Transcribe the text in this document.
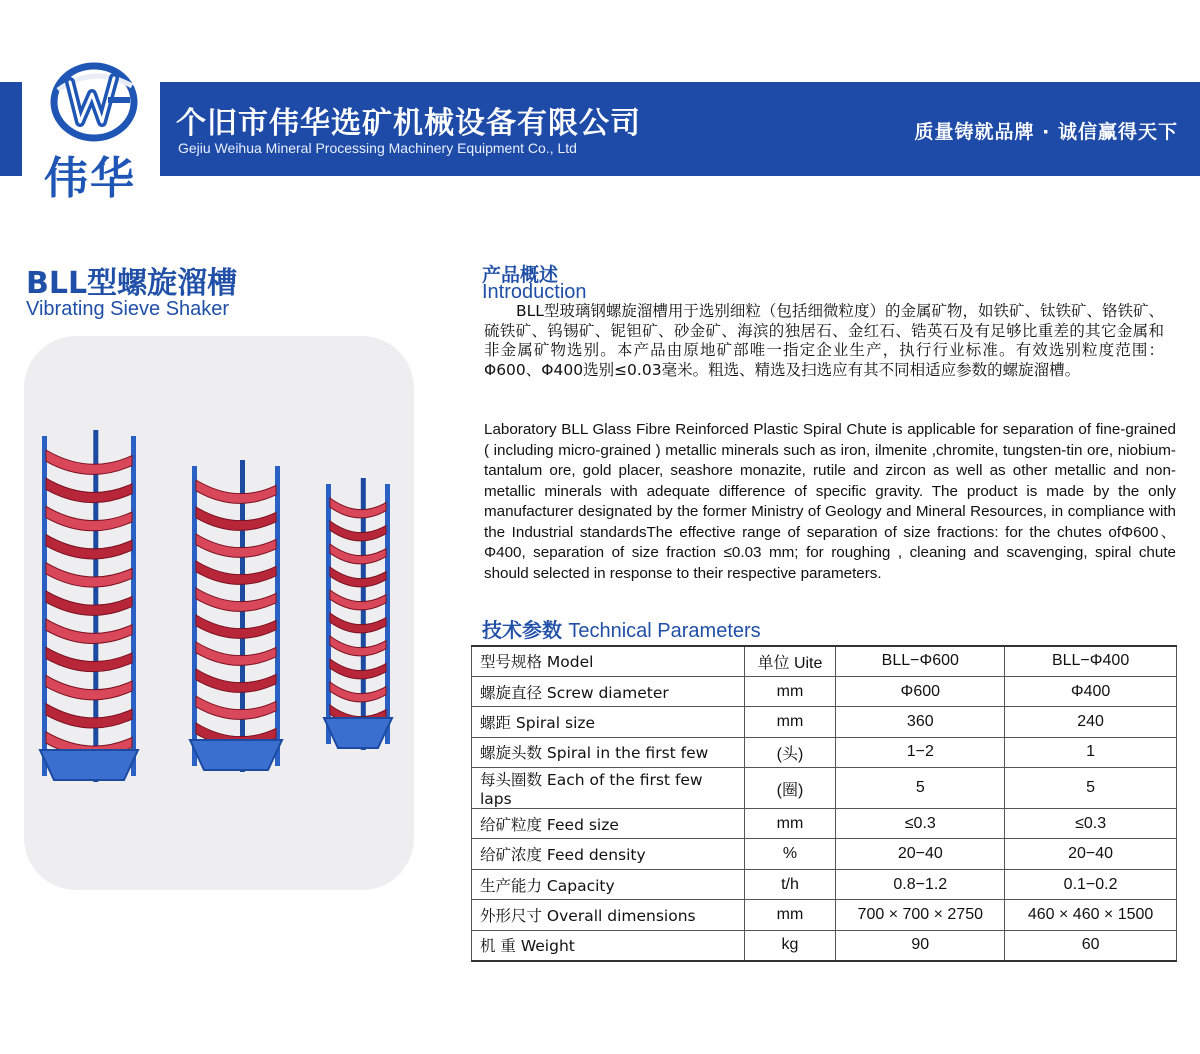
伟华
个旧市伟华选矿机械设备有限公司
Gejiu Weihua Mineral Processing Machinery Equipment Co., Ltd
质量铸就品牌 · 诚信赢得天下
BLL型螺旋溜槽
Vibrating Sieve Shaker
产品概述
Introduction
BLL型玻璃钢螺旋溜槽用于选别细粒（包括细微粒度）的金属矿物，如铁矿、钛铁矿、铬铁矿、硫铁矿、钨锡矿、铌钽矿、砂金矿、海滨的独居石、金红石、锆英石及有足够比重差的其它金属和非金属矿物选别。本产品由原地矿部唯一指定企业生产，执行行业标准。有效选别粒度范围：Φ600、Φ400选别≤0.03毫米。粗选、精选及扫选应有其不同相适应参数的螺旋溜槽。
Laboratory BLL Glass Fibre Reinforced Plastic Spiral Chute is applicable for separation of fine-grained ( including micro-grained ) metallic minerals such as iron, ilmenite ,chromite, tungsten-tin ore, niobium-tantalum ore, gold placer, seashore monazite, rutile and zircon as well as other metallic and non-metallic minerals with adequate difference of specific gravity. The product is made by the only manufacturer designated by the former Ministry of Geology and Mineral Resources, in compliance with the Industrial standardsThe effective range of separation of size fractions: for the chutes ofΦ600、Φ400, separation of size fraction ≤0.03 mm; for roughing , cleaning and scavenging, spiral chute should selected in response to their respective parameters.
技术参数 Technical Parameters
型号规格 Model	单位 Uite	BLL−Φ600	BLL−Φ400
螺旋直径 Screw diameter	mm	Φ600	Φ400
螺距 Spiral size	mm	360	240
螺旋头数 Spiral in the first few	(头)	1−2	1
每头圈数 Each of the first few laps	(圈)	5	5
给矿粒度 Feed size	mm	≤0.3	≤0.3
给矿浓度 Feed density	%	20−40	20−40
生产能力 Capacity	t/h	0.8−1.2	0.1−0.2
外形尺寸 Overall dimensions	mm	700 × 700 × 2750	460 × 460 × 1500
机 重 Weight	kg	90	60
